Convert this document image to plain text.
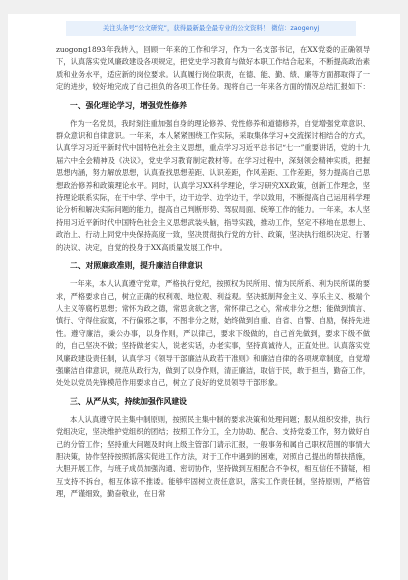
关注头条号“公文研究”，获得最新最全最专业的公文资料！ 微信：zaogenyj

zuogong1893年我转入，回顾一年来的工作和学习，作为一名支部书记，在XX党委的正确领导下，认真落实党风廉政建设各项规定，把党史学习教育与做好本职工作结合起来，不断提高政治素质和业务水平，适应新的岗位要求。认真履行岗位职责，在德、能、勤、绩、廉等方面都取得了一定的进步，较好地完成了自己担负的各项工作任务。现将自己一年来各方面的情况总结汇报如下：

一、强化理论学习，增强党性修养

作为一名党员，我时刻注重加强自身的理论修养、党性修养和道德修养，自觉增强党章意识、群众意识和自律意识。一年来，本人紧紧围绕工作实际，采取集体学习+交流探讨相结合的方式，认真学习习近平新时代中国特色社会主义思想，重点学习习近平总书记“七一”重要讲话，党的十九届六中全会精神及《决议》，党史学习教育制定教材等。在学习过程中，深刻领会精神实质，把握思想内涵，努力解放思想，认真查找思想差距、认识差距，作风差距、工作差距，努力提高自己思想政治修养和政策理论水平。同时，认真学习XX科学理论，学习研究XX政策，创新工作理念，坚持理论联系实际，在干中学、学中干，边干边学、边学边干，学以致用，不断提高自己运用科学理论分析和解决实际问题的能力，提高自己判断形势、驾驭局面、统筹工作的能力。一年来，本人坚持用习近平新时代中国特色社会主义思想武装头脑，指导实践，推动工作，坚定不移地在思想上、政治上、行动上同党中央保持高度一致，坚决贯彻执行党的方针、政策，坚决执行组织决定、行署的决议、决定，自觉的投身于XX高质量发展工作中。

二、对照廉政准则，提升廉洁自律意识

一年来，本人认真遵守党章，严格执行党纪，按照权为民所用、情为民所系、利为民所谋的要求，严格要求自己，树立正确的权利观、地位观、利益观。坚决抵制拜金主义、享乐主义、极端个人主义等腐朽思想；常怀为政之德，常思贪欲之害，常怀律己之心，常戒非分之想；能做到慎言、慎行、守得住寂寞，不行偏邪之事，不图非分之财，始终做到自重、自省、自警、自励，保持先进性。遵守廉洁，秉公办事，以身作则，严以律己，要求下级做的，自己首先做到，要求下级不做的，自己坚决不做；坚持做老实人，说老实话，办老实事，坚持真诚待人，正直处世。认真落实党风廉政建设责任制，认真学习《领导干部廉洁从政若干准则》和廉洁自律的各项规章制度，自觉增强廉洁自律意识，规范从政行为，做到了以身作则，清正廉洁，取信于民，敢于担当，勤奋工作，处处以党员先锋模范作用要求自己，树立了良好的党员领导干部形象。

三、从严从实，持续加强作风建设

本人认真遵守民主集中制原则，按照民主集中制的要求决策和处理问题；服从组织安排，执行党组决定，坚决维护党组织的团结；按照工作分工，全力协助、配合、支持党委工作，努力做好自己的分管工作；坚持重大问题及时向上级主管部门请示汇报，一般事务和属自己职权范围的事情大胆决策，协作坚持按照抓落实促进工作方法，对于工作中遇到的困难，对照自己提出的帮扶措施，大胆开展工作，与班子成员加强沟通、密切协作，坚持做到互相配合不争权，相互信任不猜疑，相互支持不拆台，相互体谅不推诿。能够牢固树立责任意识，落实工作责任制，坚持原则，严格管理，严谨细致，勤奋敬业，在日常
